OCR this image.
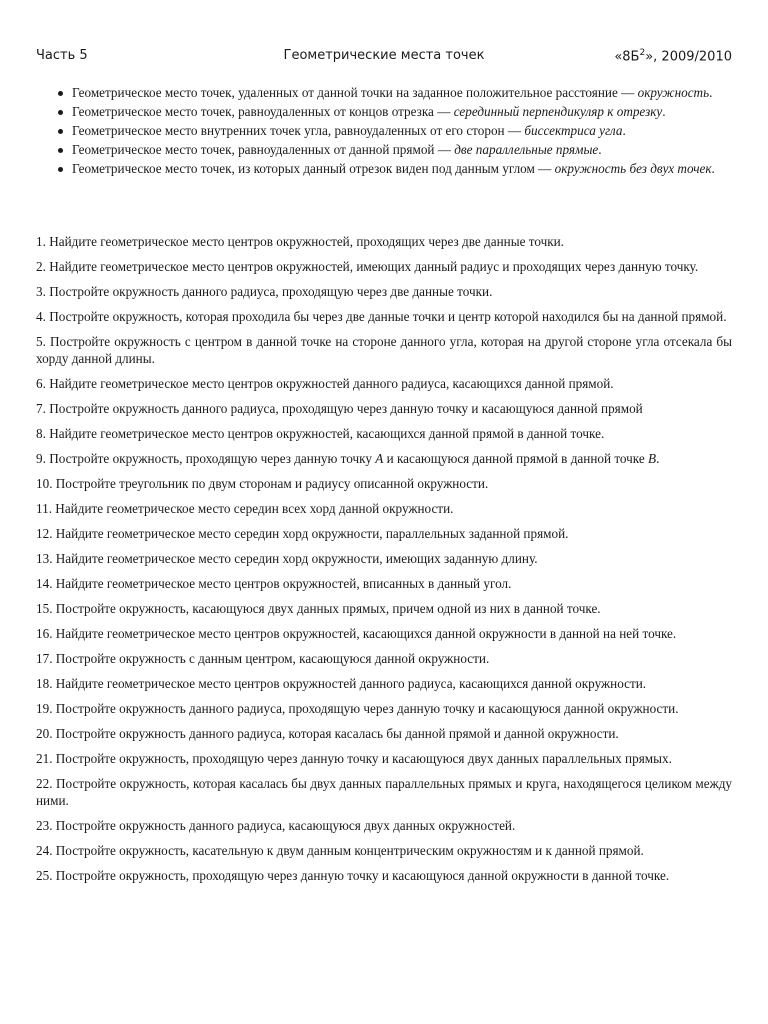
Часть 5	Геометрические места точек	«$8Б^2$», 2009/2010
Геометрическое место точек, удаленных от данной точки на заданное положительное расстояние — окружность.
Геометрическое место точек, равноудаленных от концов отрезка — серединный перпендикуляр к отрезку.
Геометрическое место внутренних точек угла, равноудаленных от его сторон — биссектриса угла.
Геометрическое место точек, равноудаленных от данной прямой — две параллельные прямые.
Геометрическое место точек, из которых данный отрезок виден под данным углом — окружность без двух точек.
1. Найдите геометрическое место центров окружностей, проходящих через две данные точки.
2. Найдите геометрическое место центров окружностей, имеющих данный радиус и проходящих через данную точку.
3. Постройте окружность данного радиуса, проходящую через две данные точки.
4. Постройте окружность, которая проходила бы через две данные точки и центр которой находился бы на данной прямой.
5. Постройте окружность с центром в данной точке на стороне данного угла, которая на другой стороне угла отсекала бы хорду данной длины.
6. Найдите геометрическое место центров окружностей данного радиуса, касающихся данной прямой.
7. Постройте окружность данного радиуса, проходящую через данную точку и касающуюся данной прямой
8. Найдите геометрическое место центров окружностей, касающихся данной прямой в данной точке.
9. Постройте окружность, проходящую через данную точку A и касающуюся данной прямой в данной точке B.
10. Постройте треугольник по двум сторонам и радиусу описанной окружности.
11. Найдите геометрическое место середин всех хорд данной окружности.
12. Найдите геометрическое место середин хорд окружности, параллельных заданной прямой.
13. Найдите геометрическое место середин хорд окружности, имеющих заданную длину.
14. Найдите геометрическое место центров окружностей, вписанных в данный угол.
15. Постройте окружность, касающуюся двух данных прямых, причем одной из них в данной точке.
16. Найдите геометрическое место центров окружностей, касающихся данной окружности в данной на ней точке.
17. Постройте окружность с данным центром, касающуюся данной окружности.
18. Найдите геометрическое место центров окружностей данного радиуса, касающихся данной окружности.
19. Постройте окружность данного радиуса, проходящую через данную точку и касающуюся данной окружности.
20. Постройте окружность данного радиуса, которая касалась бы данной прямой и данной окружности.
21. Постройте окружность, проходящую через данную точку и касающуюся двух данных параллельных прямых.
22. Постройте окружность, которая касалась бы двух данных параллельных прямых и круга, находящегося целиком между ними.
23. Постройте окружность данного радиуса, касающуюся двух данных окружностей.
24. Постройте окружность, касательную к двум данным концентрическим окружностям и к данной прямой.
25. Постройте окружность, проходящую через данную точку и касающуюся данной окружности в данной точке.
